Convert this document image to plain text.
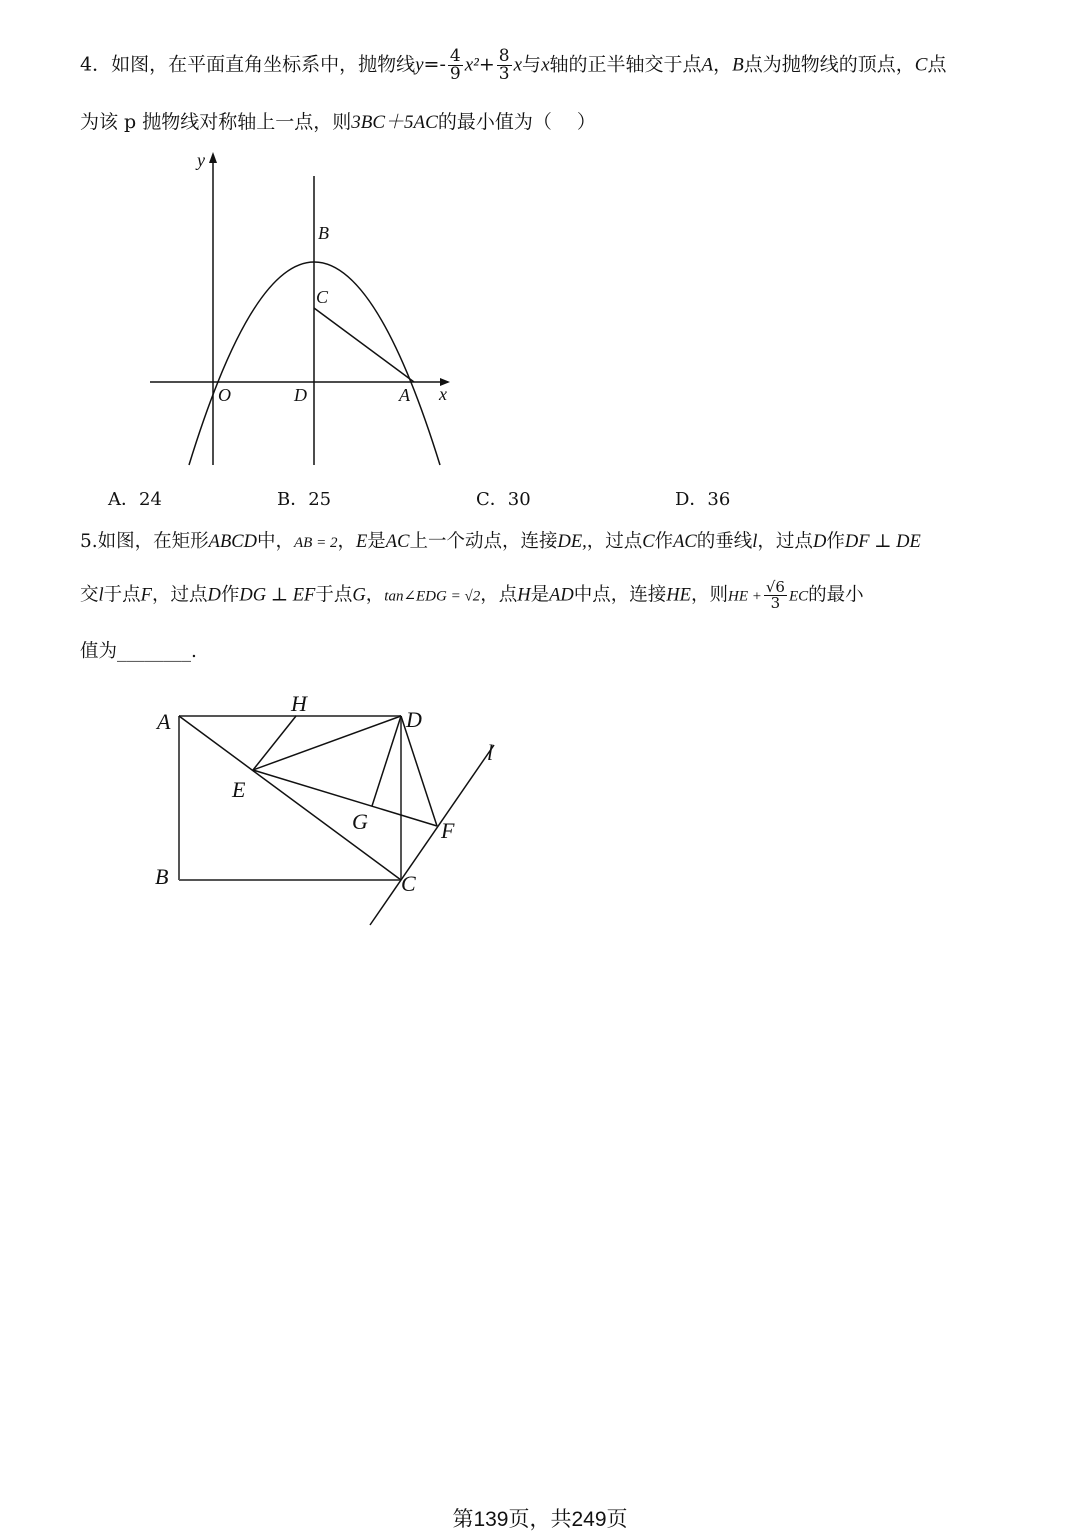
4．如图，在平面直角坐标系中，抛物线$y=- \frac{4}{9} x^2+ \frac{8}{3}$ x与x轴的正半轴交于点A，B点为抛物线的顶点，C点
为该 p 抛物线对称轴上一点，则3BC＋5AC的最小值为（　 ）
y
x
O	D	A
B
C
A．24	B．25	C．30	D．36
5.如图，在矩形ABCD中，AB = 2，E是AC上一个动点，连接DE,，过点C作AC的垂线l，过点D作DF ⊥ DE
交l于点F，过点D作DG ⊥ EF于点G，tan∠EDG = √2，点H是AD中点，连接HE，则HE + $\frac{√6}{3}$ EC的最小
值为________.
A
H
D
E
G	F
B	C
l
第139页，共249页
